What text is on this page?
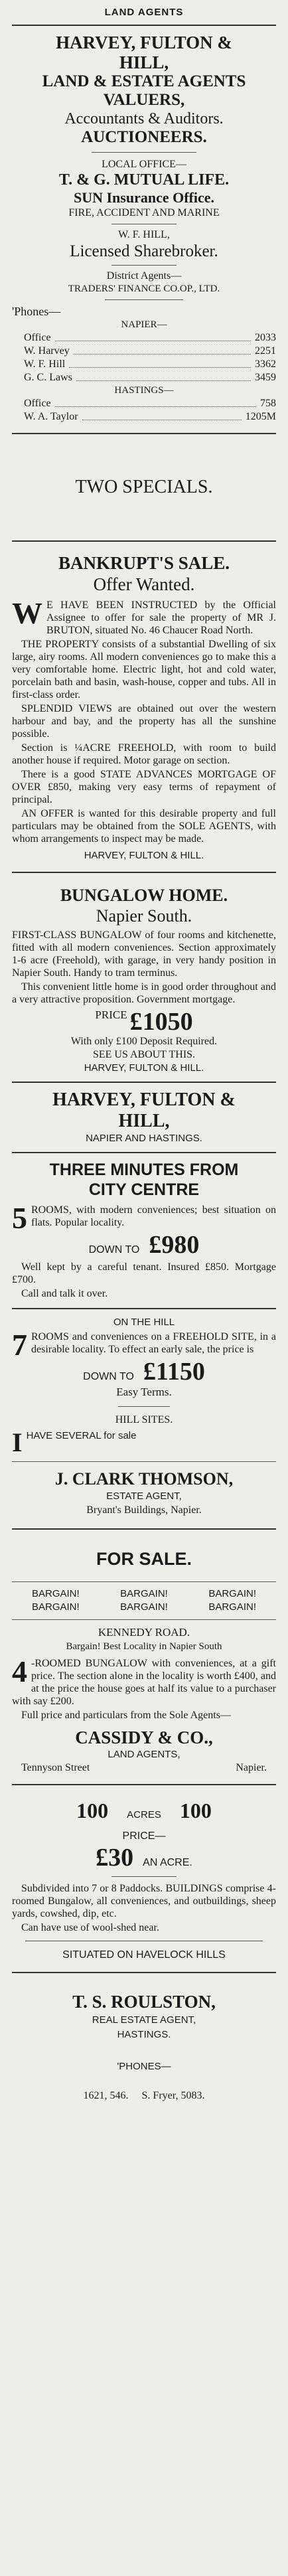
LAND AGENTS
HARVEY, FULTON &
HILL,
LAND & ESTATE AGENTS
VALUERS,
Accountants & Auditors.
AUCTIONEERS.
LOCAL OFFICE—
T. & G. MUTUAL LIFE.
SUN Insurance Office.
FIRE, ACCIDENT AND MARINE
W. F. HILL,
Licensed Sharebroker.
District Agents—
TRADERS' FINANCE CO.OP., LTD.
'Phones—
NAPIER—
Office	2033
W. Harvey	2251
W. F. Hill	3362
G. C. Laws	3459
HASTINGS—
Office	758
W. A. Taylor	1205M
TWO SPECIALS.
BANKRUPT'S SALE.
Offer Wanted.
W E HAVE BEEN INSTRUCTED by the Official Assignee to offer for sale the property of MR J. BRUTON, situated No. 46 Chaucer Road North.
THE PROPERTY consists of a substantial Dwelling of six large, airy rooms. All modern conveniences go to make this a very comfortable home. Electric light, hot and cold water, porcelain bath and basin, wash-house, copper and tubs. All in first-class order.
SPLENDID VIEWS are obtained out over the western harbour and bay, and the property has all the sunshine possible.
Section is ¼ACRE FREEHOLD, with room to build another house if required. Motor garage on section.
There is a good STATE ADVANCES MORTGAGE OF OVER £850, making very easy terms of repayment of principal.
AN OFFER is wanted for this desirable property and full particulars may be obtained from the SOLE AGENTS, with whom arrangements to inspect may be made.
HARVEY, FULTON & HILL.
BUNGALOW HOME.
Napier South.
FIRST-CLASS BUNGALOW of four rooms and kitchenette, fitted with all modern conveniences. Section approximately 1-6 acre (Freehold), with garage, in very handy position in Napier South. Handy to tram terminus.
This convenient little home is in good order throughout and a very attractive proposition. Government mortgage.
PRICE £1050
With only £100 Deposit Required.
SEE US ABOUT THIS.
HARVEY, FULTON & HILL.
HARVEY, FULTON &
HILL,
NAPIER AND HASTINGS.
THREE MINUTES FROM
CITY CENTRE
5 ROOMS, with modern conveniences; best situation on flats. Popular locality.
DOWN TO £980
Well kept by a careful tenant. Insured £850. Mortgage £700.
Call and talk it over.
ON THE HILL
7 ROOMS and conveniences on a FREEHOLD SITE, in a desirable locality. To effect an early sale, the price is
DOWN TO £1150
Easy Terms.
HILL SITES.
IHAVE SEVERAL for sale
J. CLARK THOMSON,
ESTATE AGENT,
Bryant's Buildings, Napier.
FOR SALE.
BARGAIN!	BARGAIN!	BARGAIN!
BARGAIN!	BARGAIN!	BARGAIN!
KENNEDY ROAD.
Bargain! Best Locality in Napier South
4 -ROOMED BUNGALOW with conveniences, at a gift price. The section alone in the locality is worth £400, and at the price the house goes at half its value to a purchaser with say £200.
Full price and particulars from the Sole Agents—
CASSIDY & CO.,
LAND AGENTS,
Tennyson Street	Napier.
100 ACRES 100
PRICE—
£30 AN ACRE.
Subdivided into 7 or 8 Paddocks. BUILDINGS comprise 4-roomed Bungalow, all conveniences, and outbuildings, sheep yards, cowshed, dip, etc.
Can have use of wool-shed near.
SITUATED ON HAVELOCK HILLS
T. S. ROULSTON,
REAL ESTATE AGENT,
HASTINGS.
'PHONES—
1621, 546.     S. Fryer, 5083.
